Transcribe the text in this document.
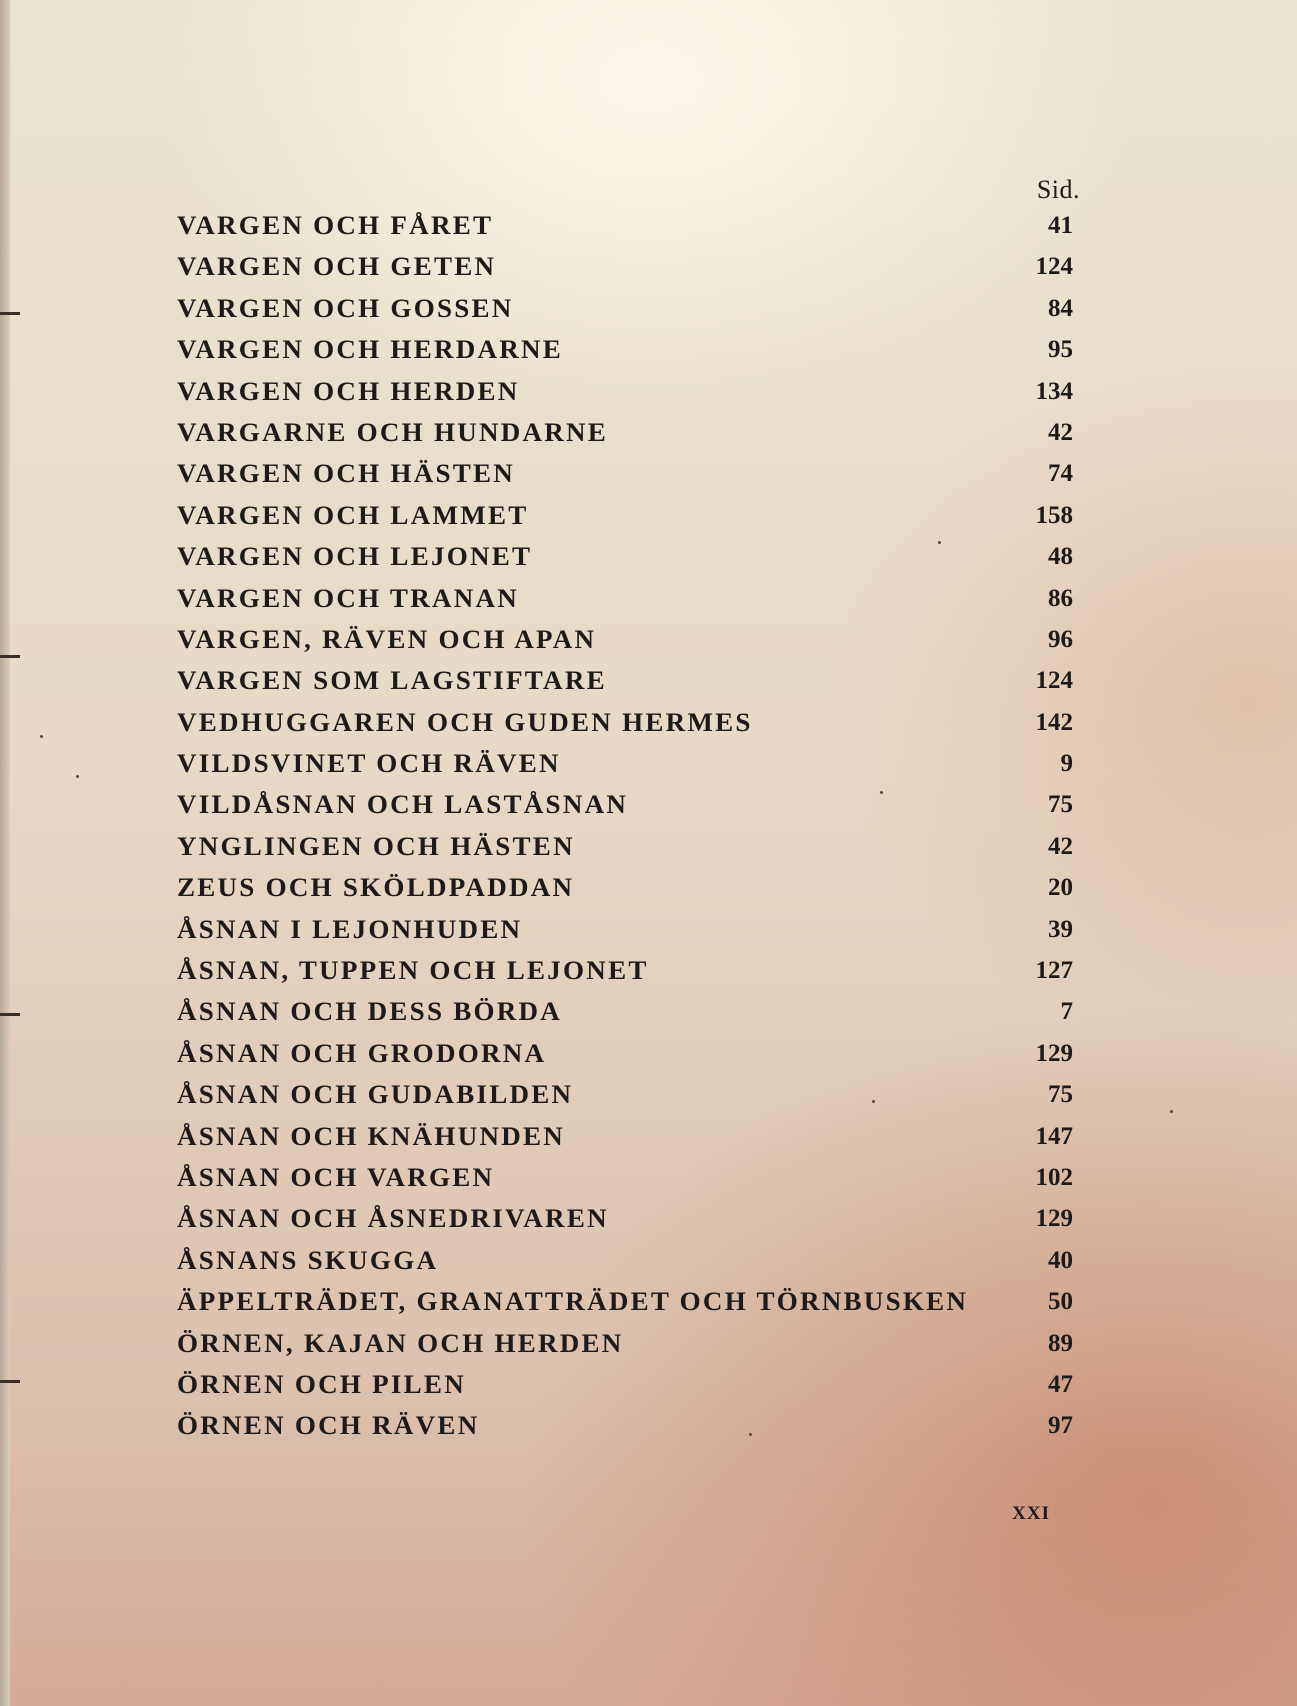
Sid.
VARGEN OCH FÅRET	41
VARGEN OCH GETEN	124
VARGEN OCH GOSSEN	84
VARGEN OCH HERDARNE	95
VARGEN OCH HERDEN	134
VARGARNE OCH HUNDARNE	42
VARGEN OCH HÄSTEN	74
VARGEN OCH LAMMET	158
VARGEN OCH LEJONET	48
VARGEN OCH TRANAN	86
VARGEN, RÄVEN OCH APAN	96
VARGEN SOM LAGSTIFTARE	124
VEDHUGGAREN OCH GUDEN HERMES	142
VILDSVINET OCH RÄVEN	9
VILDÅSNAN OCH LASTÅSNAN	75
YNGLINGEN OCH HÄSTEN	42
ZEUS OCH SKÖLDPADDAN	20
ÅSNAN I LEJONHUDEN	39
ÅSNAN, TUPPEN OCH LEJONET	127
ÅSNAN OCH DESS BÖRDA	7
ÅSNAN OCH GRODORNA	129
ÅSNAN OCH GUDABILDEN	75
ÅSNAN OCH KNÄHUNDEN	147
ÅSNAN OCH VARGEN	102
ÅSNAN OCH ÅSNEDRIVAREN	129
ÅSNANS SKUGGA	40
ÄPPELTRÄDET, GRANATTRÄDET OCH TÖRNBUSKEN	50
ÖRNEN, KAJAN OCH HERDEN	89
ÖRNEN OCH PILEN	47
ÖRNEN OCH RÄVEN	97
XXI
